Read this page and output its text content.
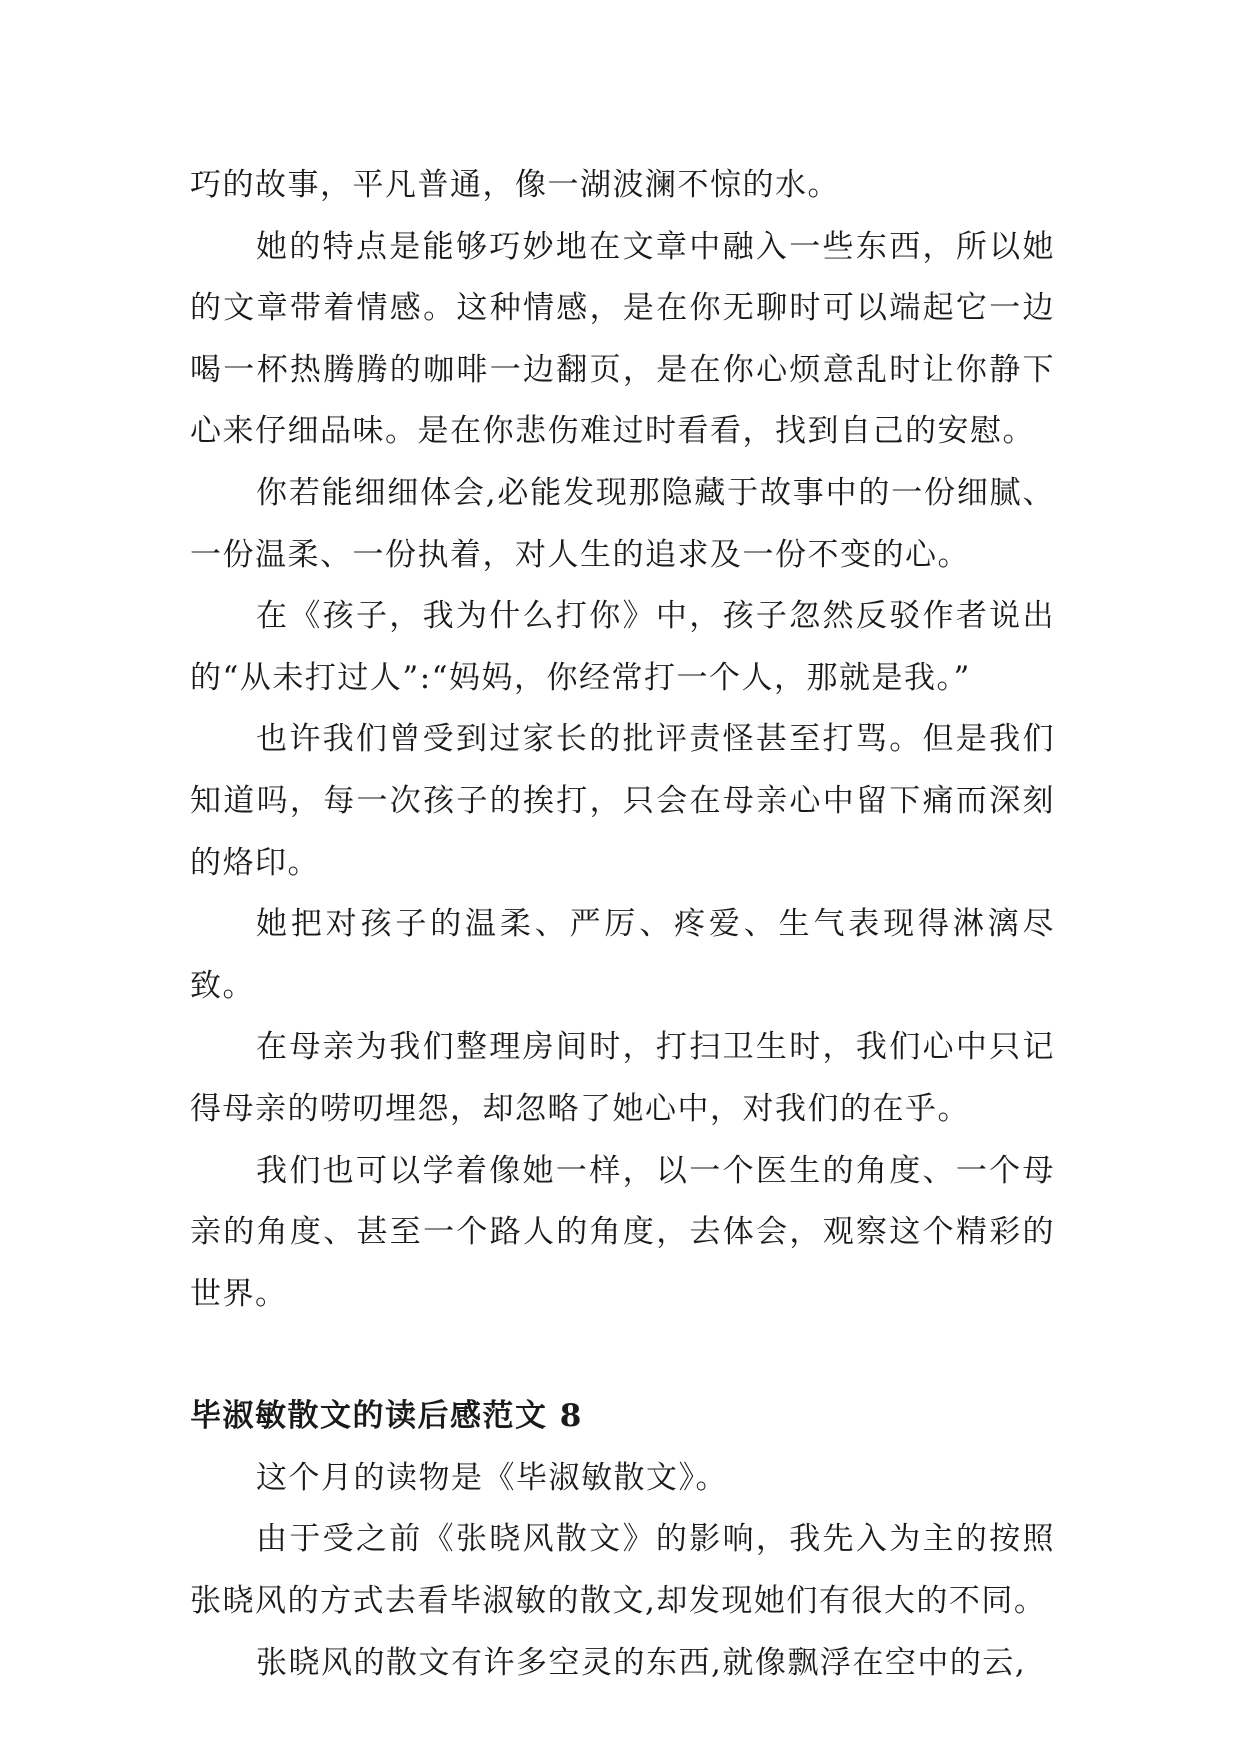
巧的故事，平凡普通，像一湖波澜不惊的水。

她的特点是能够巧妙地在文章中融入一些东西，所以她的文章带着情感。这种情感，是在你无聊时可以端起它一边喝一杯热腾腾的咖啡一边翻页，是在你心烦意乱时让你静下心来仔细品味。是在你悲伤难过时看看，找到自己的安慰。

你若能细细体会,必能发现那隐藏于故事中的一份细腻、一份温柔、一份执着，对人生的追求及一份不变的心。

在《孩子，我为什么打你》中，孩子忽然反驳作者说出的“从未打过人”:“妈妈，你经常打一个人，那就是我。”

也许我们曾受到过家长的批评责怪甚至打骂。但是我们知道吗，每一次孩子的挨打，只会在母亲心中留下痛而深刻的烙印。

她把对孩子的温柔、严厉、疼爱、生气表现得淋漓尽致。

在母亲为我们整理房间时，打扫卫生时，我们心中只记得母亲的唠叨埋怨，却忽略了她心中，对我们的在乎。

我们也可以学着像她一样，以一个医生的角度、一个母亲的角度、甚至一个路人的角度，去体会，观察这个精彩的世界。

毕淑敏散文的读后感范文 8

这个月的读物是《毕淑敏散文》。

由于受之前《张晓风散文》的影响，我先入为主的按照张晓风的方式去看毕淑敏的散文,却发现她们有很大的不同。

张晓风的散文有许多空灵的东西,就像飘浮在空中的云,
